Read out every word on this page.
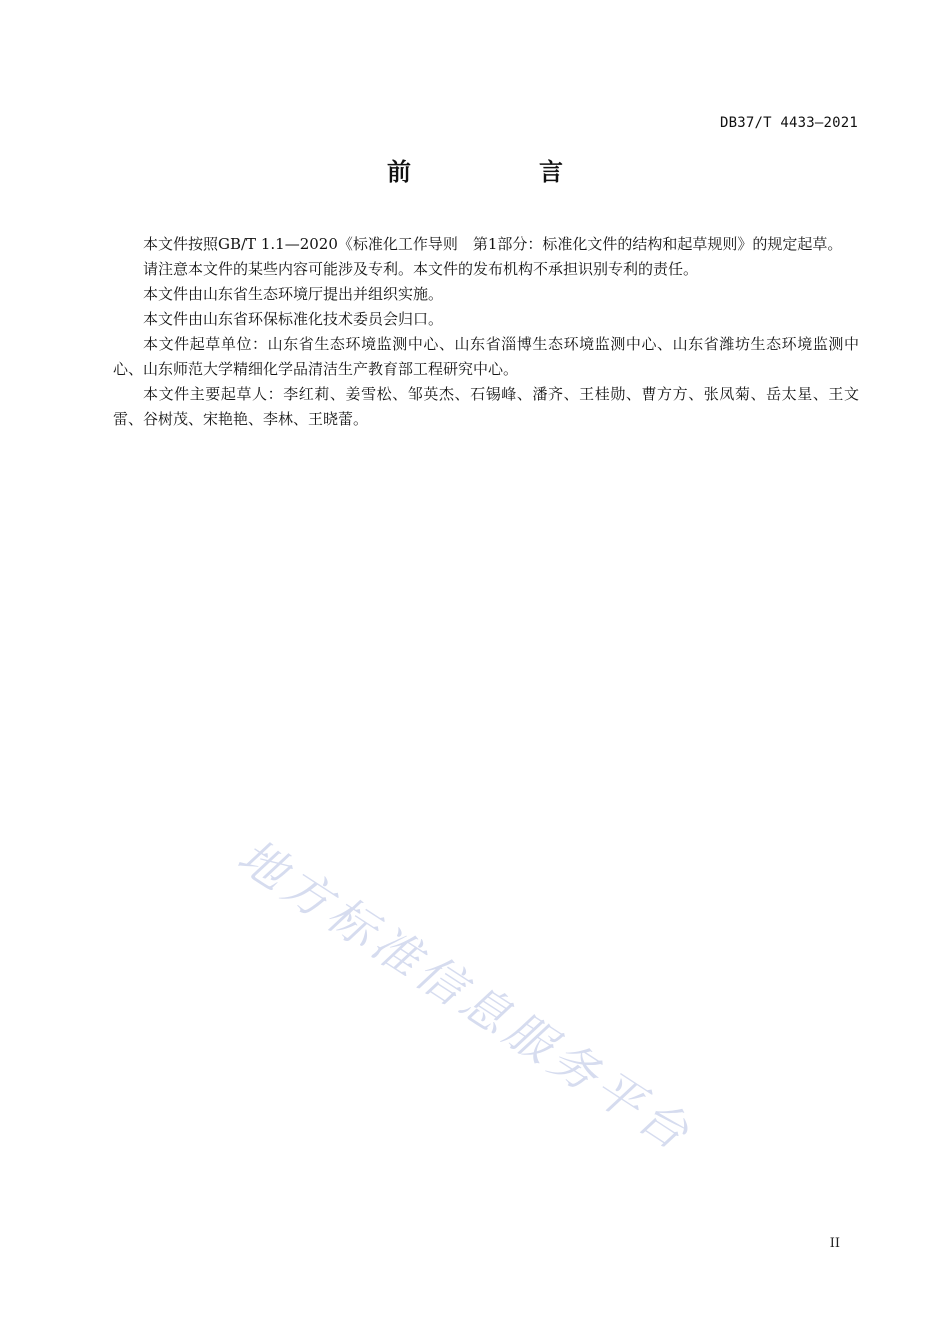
DB37/T 4433—2021
前　言

本文件按照GB/T 1.1—2020《标准化工作导则　第1部分：标准化文件的结构和起草规则》的规定起草。

请注意本文件的某些内容可能涉及专利。本文件的发布机构不承担识别专利的责任。

本文件由山东省生态环境厅提出并组织实施。

本文件由山东省环保标准化技术委员会归口。

本文件起草单位：山东省生态环境监测中心、山东省淄博生态环境监测中心、山东省潍坊生态环境监测中心、山东师范大学精细化学品清洁生产教育部工程研究中心。

本文件主要起草人：李红莉、姜雪松、邹英杰、石锡峰、潘齐、王桂勋、曹方方、张凤菊、岳太星、王文雷、谷树茂、宋艳艳、李林、王晓蕾。

地方标准信息服务平台
II
